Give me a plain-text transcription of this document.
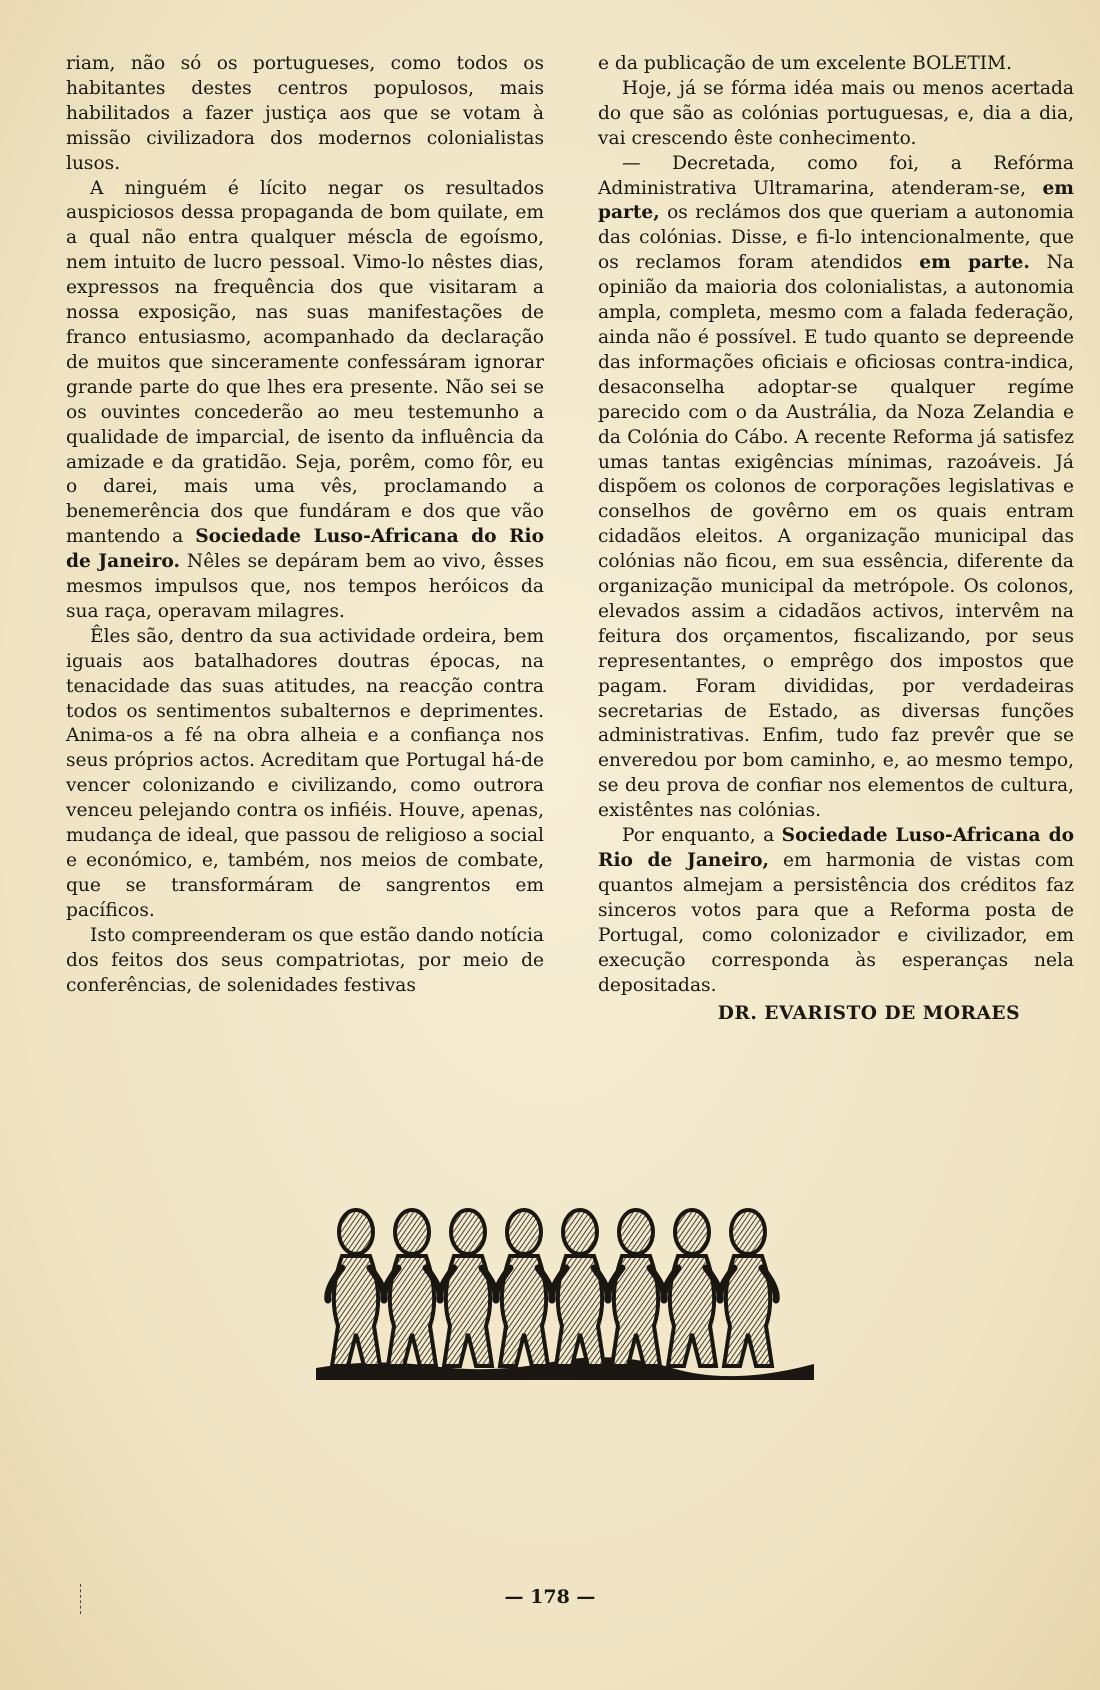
riam, não só os portugueses, como todos os habitantes destes centros populosos, mais habilitados a fazer justiça aos que se votam à missão civilizadora dos modernos colonialistas lusos.

A ninguém é lícito negar os resultados auspiciosos dessa propaganda de bom quilate, em a qual não entra qualquer méscla de egoísmo, nem intuito de lucro pessoal. Vimo-lo nêstes dias, expressos na frequência dos que visitaram a nossa exposição, nas suas manifestações de franco entusiasmo, acompanhado da declaração de muitos que sinceramente confessáram ignorar grande parte do que lhes era presente. Não sei se os ouvintes concederão ao meu testemunho a qualidade de imparcial, de isento da influência da amizade e da gratidão. Seja, porêm, como fôr, eu o darei, mais uma vês, proclamando a benemerência dos que fundáram e dos que vão mantendo a Sociedade Luso-Africana do Rio de Janeiro. Nêles se depáram bem ao vivo, êsses mesmos impulsos que, nos tempos heróicos da sua raça, operavam milagres.

Êles são, dentro da sua actividade ordeira, bem iguais aos batalhadores doutras épocas, na tenacidade das suas atitudes, na reacção contra todos os sentimentos subalternos e deprimentes. Anima-os a fé na obra alheia e a confiança nos seus próprios actos. Acreditam que Portugal há-de vencer colonizando e civilizando, como outrora venceu pelejando contra os infiéis. Houve, apenas, mudança de ideal, que passou de religioso a social e económico, e, também, nos meios de combate, que se transformáram de sangrentos em pacíficos.

Isto compreenderam os que estão dando notícia dos feitos dos seus compatriotas, por meio de conferências, de solenidades festivas

e da publicação de um excelente BOLETIM.

Hoje, já se fórma idéa mais ou menos acertada do que são as colónias portuguesas, e, dia a dia, vai crescendo êste conhecimento.

— Decretada, como foi, a Refórma Administrativa Ultramarina, atenderam-se, em parte, os reclámos dos que queriam a autonomia das colónias. Disse, e fi-lo intencionalmente, que os reclamos foram atendidos em parte. Na opinião da maioria dos colonialistas, a autonomia ampla, completa, mesmo com a falada federação, ainda não é possível. E tudo quanto se depreende das informações oficiais e oficiosas contra-indica, desaconselha adoptar-se qualquer regíme parecido com o da Austrália, da Noza Zelandia e da Colónia do Cábo. A recente Reforma já satisfez umas tantas exigências mínimas, razoáveis. Já dispõem os colonos de corporações legislativas e conselhos de govêrno em os quais entram cidadãos eleitos. A organização municipal das colónias não ficou, em sua essência, diferente da organização municipal da metrópole. Os colonos, elevados assim a cidadãos activos, intervêm na feitura dos orçamentos, fiscalizando, por seus representantes, o emprêgo dos impostos que pagam. Foram divididas, por verdadeiras secretarias de Estado, as diversas funções administrativas. Enfim, tudo faz prevêr que se enveredou por bom caminho, e, ao mesmo tempo, se deu prova de confiar nos elementos de cultura, existêntes nas colónias.

Por enquanto, a Sociedade Luso-Africana do Rio de Janeiro, em harmonia de vistas com quantos almejam a persistência dos créditos faz sinceros votos para que a Reforma posta de Portugal, como colonizador e civilizador, em execução corresponda às esperanças nela depositadas.

DR. EVARISTO DE MORAES

— 178 —
